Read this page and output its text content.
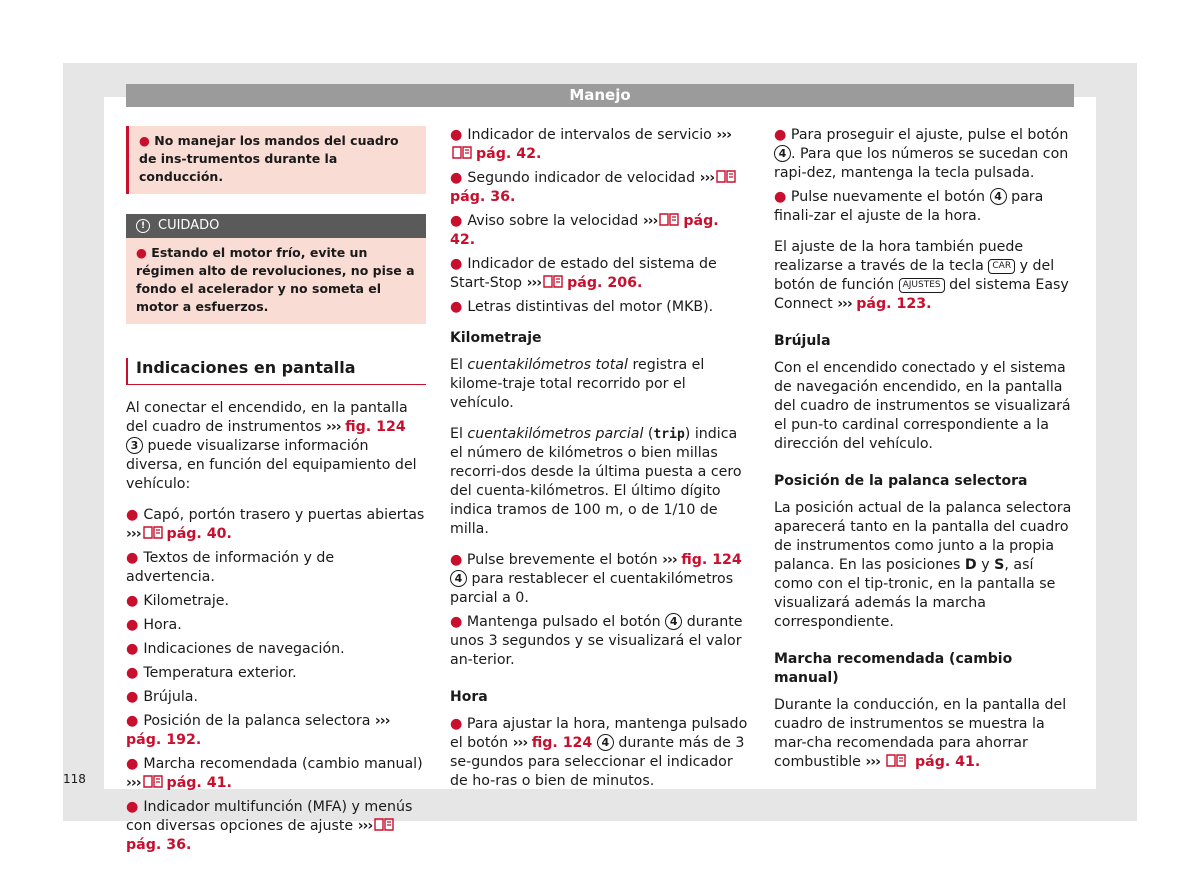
Manejo
● No manejar los mandos del cuadro de ins-trumentos durante la conducción.
! CUIDADO
● Estando el motor frío, evite un régimen alto de revoluciones, no pise a fondo el acelerador y no someta el motor a esfuerzos.
Indicaciones en pantalla

Al conectar el encendido, en la pantalla del cuadro de instrumentos ››› fig. 124 3 puede visualizarse información diversa, en función del equipamiento del vehículo:

● Capó, portón trasero y puertas abiertas ››› pág. 40.

● Textos de información y de advertencia.

● Kilometraje.

● Hora.

● Indicaciones de navegación.

● Temperatura exterior.

● Brújula.

● Posición de la palanca selectora ››› pág. 192.

● Marcha recomendada (cambio manual) ››› pág. 41.

● Indicador multifunción (MFA) y menús con diversas opciones de ajuste ›››pág. 36.

● Indicador de intervalos de servicio ›››pág. 42.

● Segundo indicador de velocidad ›››pág. 36.

● Aviso sobre la velocidad ››› pág. 42.

● Indicador de estado del sistema de Start-Stop ››› pág. 206.

● Letras distintivas del motor (MKB).

Kilometraje

El cuentakilómetros total registra el kilome-traje total recorrido por el vehículo.

El cuentakilómetros parcial (trip) indica el número de kilómetros o bien millas recorri-dos desde la última puesta a cero del cuenta-kilómetros. El último dígito indica tramos de 100 m, o de 1/10 de milla.

● Pulse brevemente el botón ››› fig. 124 4 para restablecer el cuentakilómetros parcial a 0.

● Mantenga pulsado el botón 4 durante unos 3 segundos y se visualizará el valor an-terior.

Hora

● Para ajustar la hora, mantenga pulsado el botón ››› fig. 124 4 durante más de 3 se-gundos para seleccionar el indicador de ho-ras o bien de minutos.

● Para proseguir el ajuste, pulse el botón 4 . Para que los números se sucedan con rapi-dez, mantenga la tecla pulsada.

● Pulse nuevamente el botón 4 para finali-zar el ajuste de la hora.

El ajuste de la hora también puede realizarse a través de la tecla CAR y del botón de función AJUSTES del sistema Easy Connect ››› pág. 123.

Brújula

Con el encendido conectado y el sistema de navegación encendido, en la pantalla del cuadro de instrumentos se visualizará el pun-to cardinal correspondiente a la dirección del vehículo.

Posición de la palanca selectora

La posición actual de la palanca selectora aparecerá tanto en la pantalla del cuadro de instrumentos como junto a la propia palanca. En las posiciones D y S, así como con el tip-tronic, en la pantalla se visualizará además la marcha correspondiente.

Marcha recomendada (cambio manual)

Durante la conducción, en la pantalla del cuadro de instrumentos se muestra la mar-cha recomendada para ahorrar combustible ››› pág. 41.

118
